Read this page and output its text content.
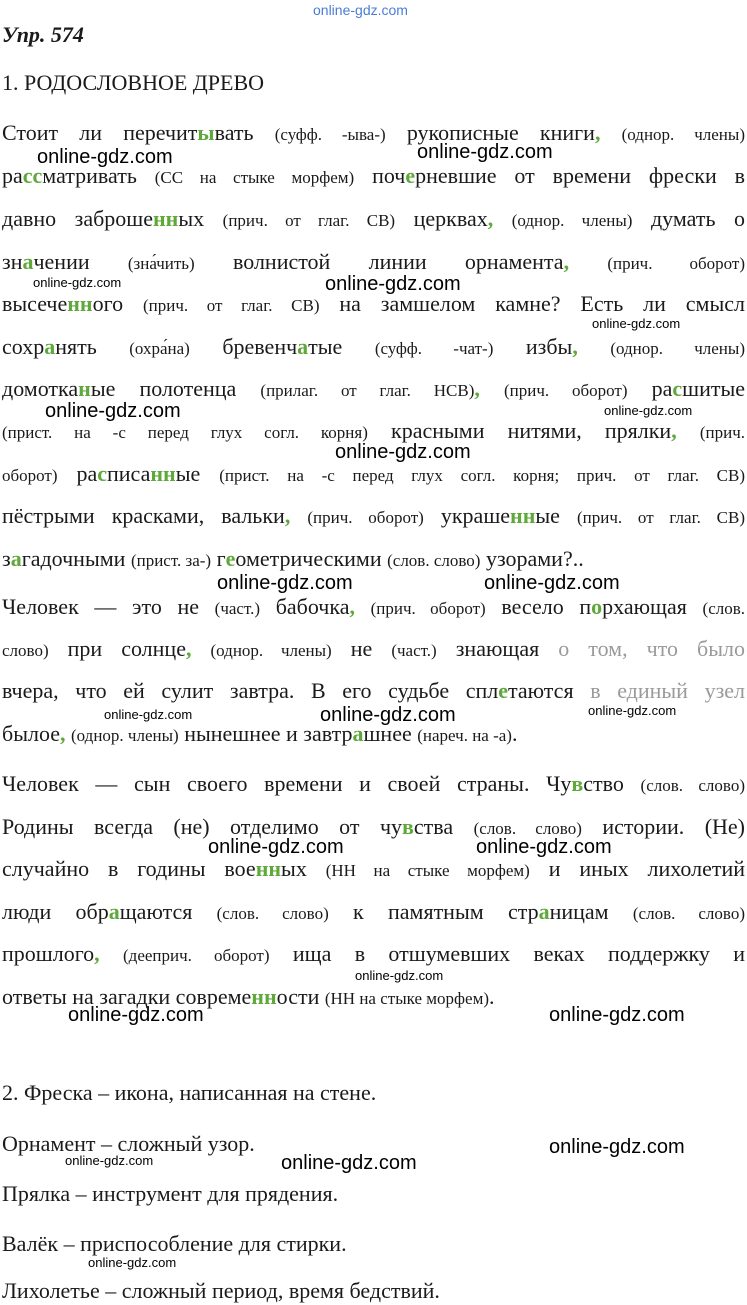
online-gdz.com
Упр. 574
1. РОДОСЛОВНОЕ ДРЕВО
Стоит ли перечитывать (суфф. -ыва-) рукописные книги, (однор. члены)
рассматривать (СС на стыке морфем) почерневшие от времени фрески в
давно заброшенных (прич. от глаг. СВ) церквах, (однор. члены) думать о
значении (зна́чить) волнистой линии орнамента, (прич. оборот)
высеченного (прич. от глаг. СВ) на замшелом камне? Есть ли смысл
сохранять (охра́на) бревенчатые (суфф. -чат-) избы, (однор. члены)
домотканые полотенца (прилаг. от глаг. НСВ), (прич. оборот) расшитые
(прист. на -с перед глух согл. корня) красными нитями, прялки, (прич.
оборот) расписанные (прист. на -с перед глух согл. корня; прич. от глаг. СВ)
пёстрыми красками, вальки, (прич. оборот) украшенные (прич. от глаг. СВ)
загадочными (прист. за-) геометрическими (слов. слово) узорами?..
Человек — это не (част.) бабочка, (прич. оборот) весело порхающая (слов.
слово) при солнце, (однор. члены) не (част.) знающая о том, что было
вчера, что ей сулит завтра. В его судьбе сплетаются в единый узел
былое, (однор. члены) нынешнее и завтрашнее (нареч. на -а).
Человек — сын своего времени и своей страны. Чувство (слов. слово)
Родины всегда (не) отделимо от чувства (слов. слово) истории. (Не)
случайно в годины военных (НН на стыке морфем) и иных лихолетий
люди обращаются (слов. слово) к памятным страницам (слов. слово)
прошлого, (дееприч. оборот) ища в отшумевших веках поддержку и
ответы на загадки современности (НН на стыке морфем).
2. Фреска – икона, написанная на стене.
Орнамент – сложный узор.
Прялка – инструмент для прядения.
Валёк – приспособление для стирки.
Лихолетье – сложный период, время бедствий.
online-gdz.com	online-gdz.com
online-gdz.com	online-gdz.com
online-gdz.com
online-gdz.com	online-gdz.com
online-gdz.com
online-gdz.com	online-gdz.com
online-gdz.com	online-gdz.com	online-gdz.com
online-gdz.com	online-gdz.com
online-gdz.com
online-gdz.com	online-gdz.com
online-gdz.com
online-gdz.com	online-gdz.com
online-gdz.com
